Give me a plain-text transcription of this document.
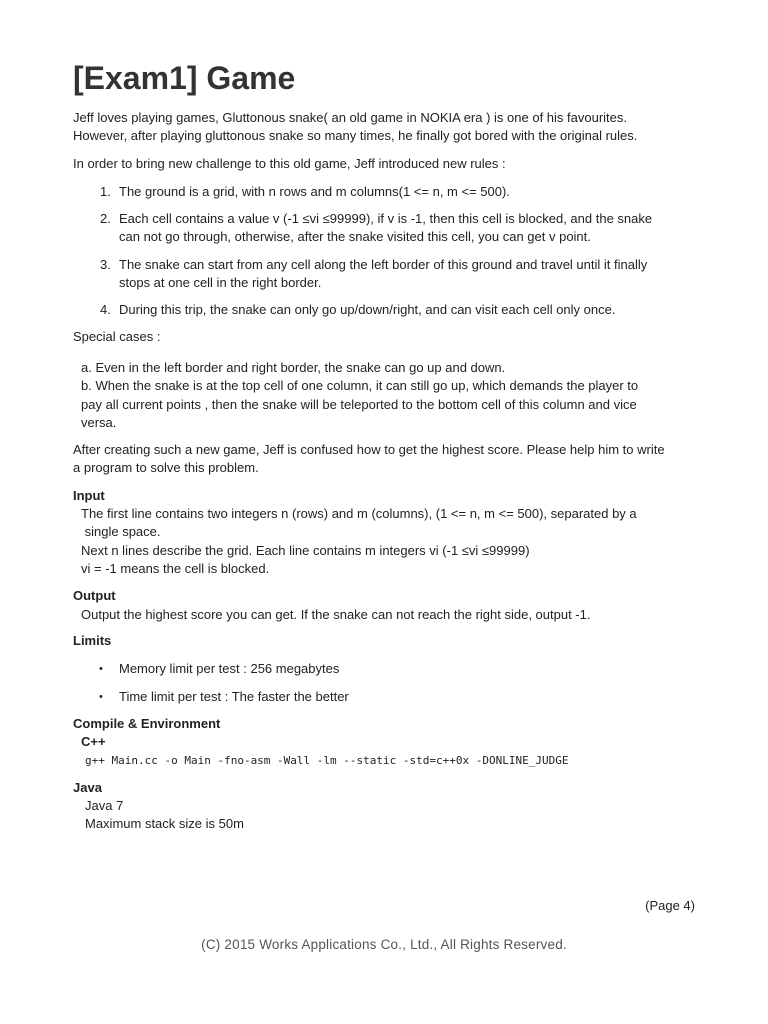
[Exam1] Game
Jeff loves playing games, Gluttonous snake( an old game in NOKIA era ) is one of his favourites.
However, after playing gluttonous snake so many times, he finally got bored with the original rules.
In order to bring new challenge to this old game, Jeff introduced new rules :
1. The ground is a grid, with n rows and m columns(1 <= n, m <= 500).
2. Each cell contains a value v (-1 ≤vi ≤99999), if v is -1, then this cell is blocked, and the snake
can not go through, otherwise, after the snake visited this cell, you can get v point.
3. The snake can start from any cell along the left border of this ground and travel until it finally
stops at one cell in the right border.
4. During this trip, the snake can only go up/down/right, and can visit each cell only once.
Special cases :
a. Even in the left border and right border, the snake can go up and down.
b. When the snake is at the top cell of one column, it can still go up, which demands the player to
pay all current points , then the snake will be teleported to the bottom cell of this column and vice
versa.
After creating such a new game, Jeff is confused how to get the highest score. Please help him to write
a program to solve this problem.
Input
The first line contains two integers n (rows) and m (columns), (1 <= n, m <= 500), separated by a
single space.
Next n lines describe the grid. Each line contains m integers vi (-1 ≤vi ≤99999)
vi = -1 means the cell is blocked.
Output
Output the highest score you can get. If the snake can not reach the right side, output -1.
Limits
• Memory limit per test : 256 megabytes
• Time limit per test : The faster the better
Compile & Environment
C++
g++ Main.cc -o Main -fno-asm -Wall -lm --static -std=c++0x -DONLINE_JUDGE
Java
Java 7
Maximum stack size is 50m
(Page 4)
(C) 2015 Works Applications Co., Ltd., All Rights Reserved.
